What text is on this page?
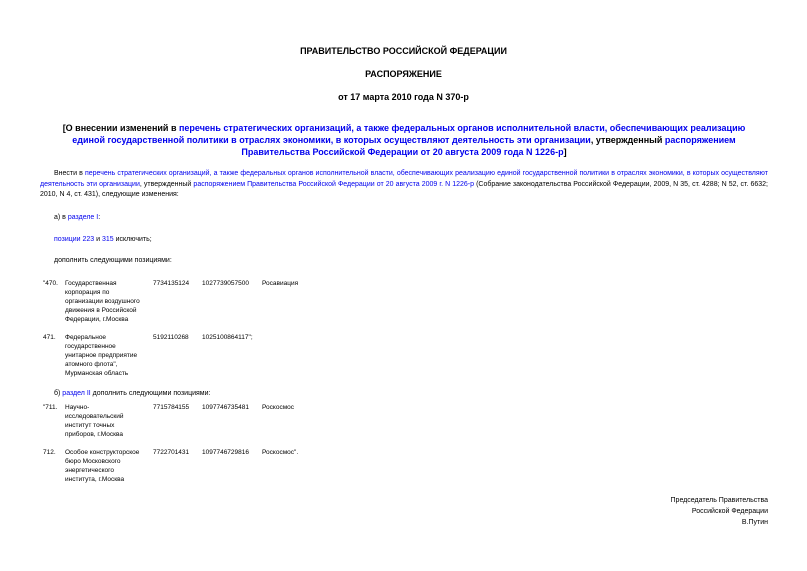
ПРАВИТЕЛЬСТВО РОССИЙСКОЙ ФЕДЕРАЦИИ
РАСПОРЯЖЕНИЕ
от 17 марта 2010 года N 370-р
[О внесении изменений в перечень стратегических организаций, а также федеральных органов исполнительной власти, обеспечивающих реализацию единой государственной политики в отраслях экономики, в которых осуществляют деятельность эти организации, утвержденный распоряжением Правительства Российской Федерации от 20 августа 2009 года N 1226-р]
Внести в перечень стратегических организаций, а также федеральных органов исполнительной власти, обеспечивающих реализацию единой государственной политики в отраслях экономики, в которых осуществляют деятельность эти организации, утвержденный распоряжением Правительства Российской Федерации от 20 августа 2009 г. N 1226-р (Собрание законодательства Российской Федерации, 2009, N 35, ст. 4288; N 52, ст. 6632; 2010, N 4, ст. 431), следующие изменения:
а) в разделе I:
позиции 223 и 315 исключить;
дополнить следующими позициями:
"470. Государственная корпорация по организации воздушного движения в Российской Федерации, г.Москва
7734135124 1027739057500 Росавиация
471. Федеральное государственное унитарное предприятие атомного флота", Мурманская область
5192110268 1025100864117";
б) раздел II дополнить следующими позициями:
"711. Научно-исследовательский институт точных приборов, г.Москва
7715784155 1097746735481 Роскосмос
712. Особое конструкторское бюро Московского энергетического института, г.Москва
7722701431 1097746729816 Роскосмос".
Председатель Правительства
Российской Федерации
В.Путин
